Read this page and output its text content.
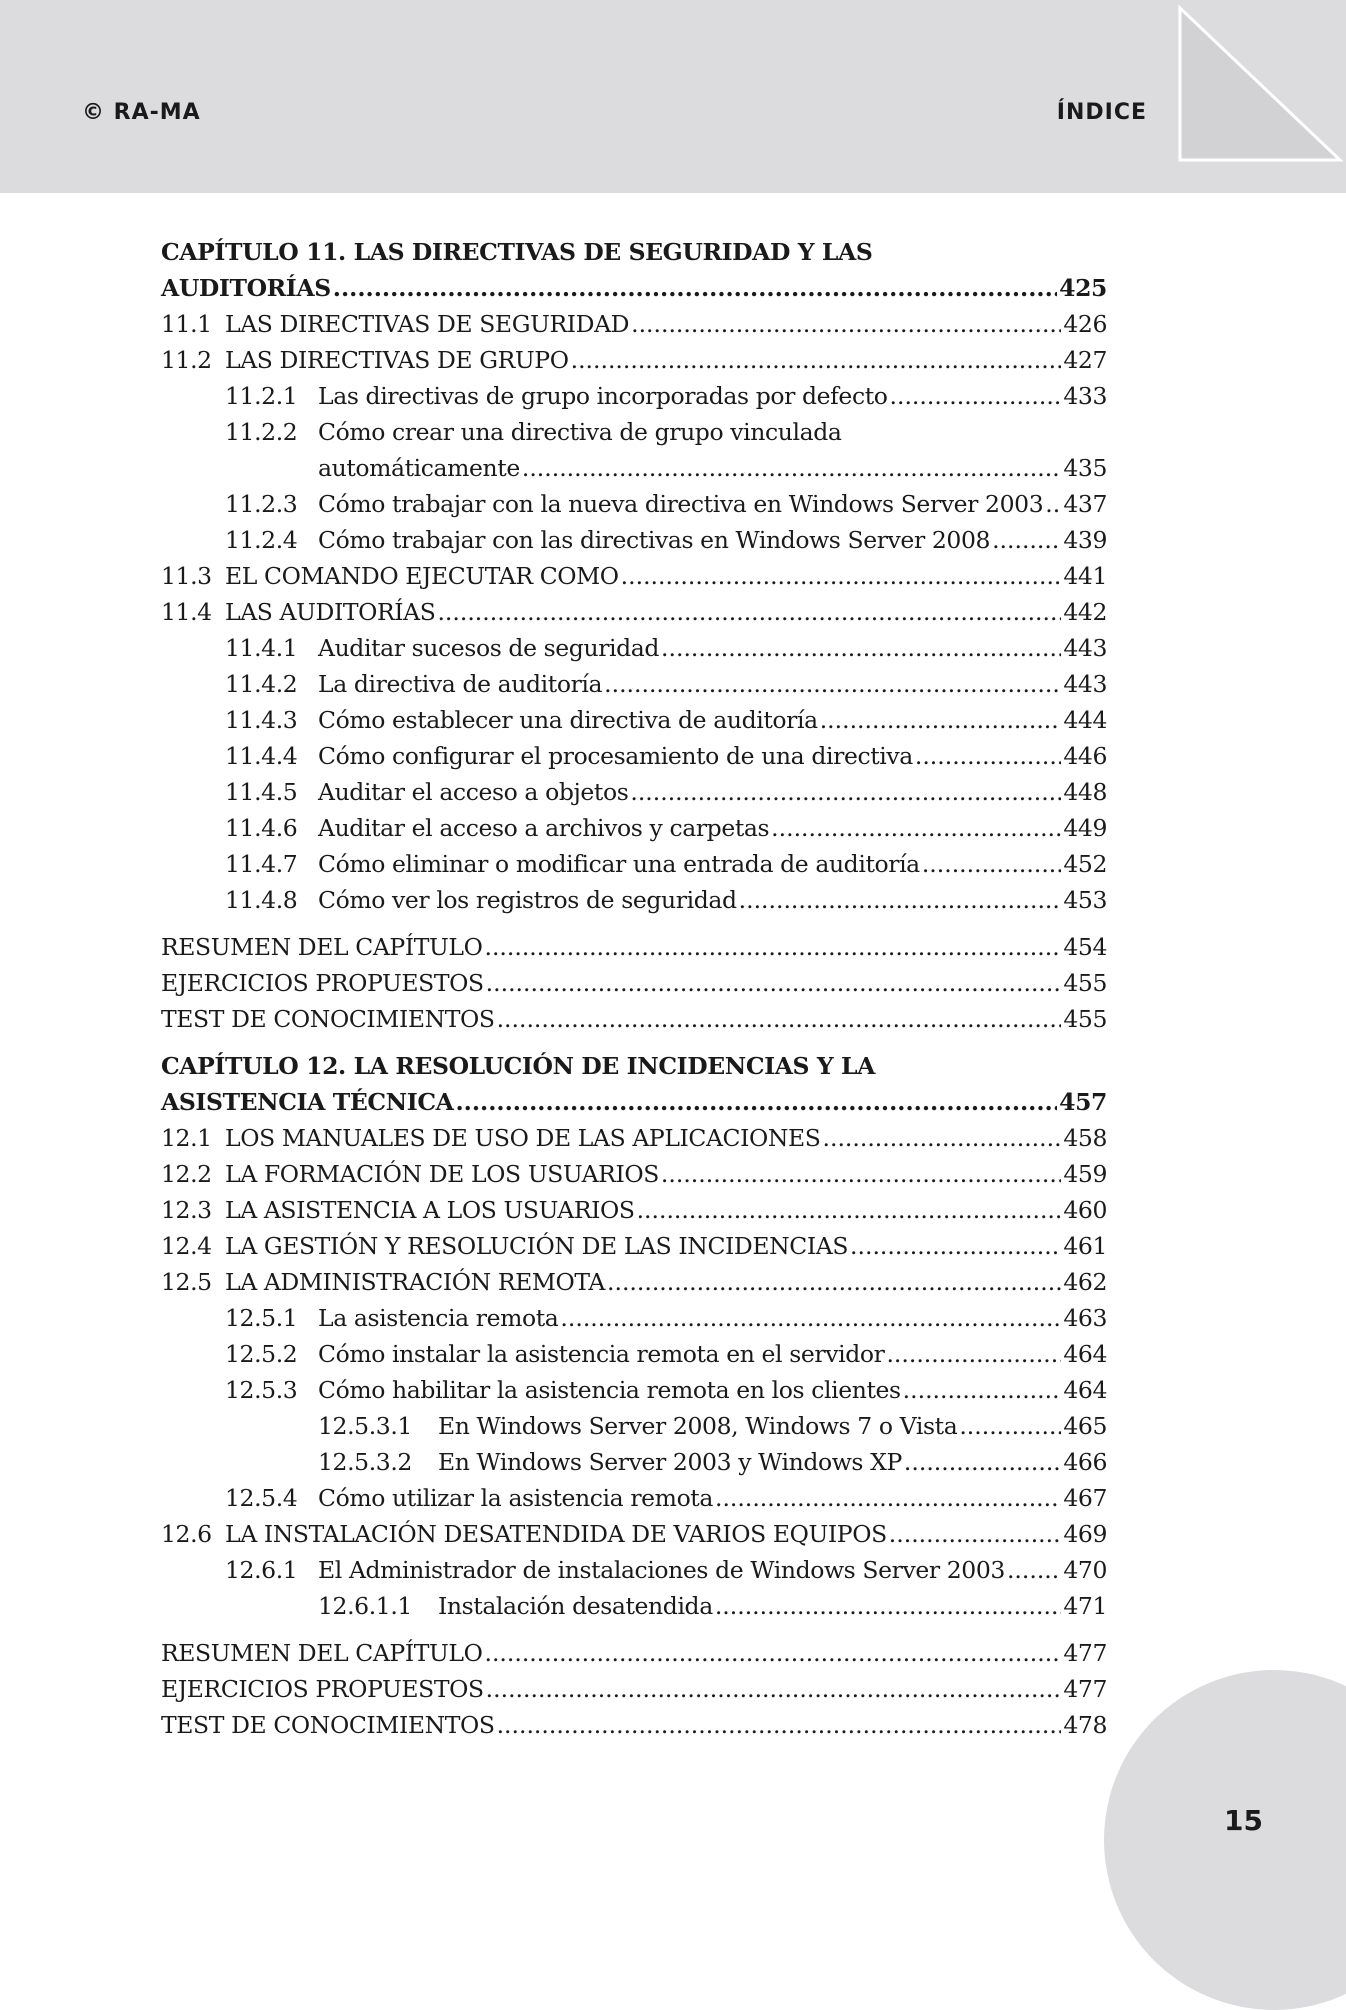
© RA-MA	ÍNDICE
CAPÍTULO 11. LAS DIRECTIVAS DE SEGURIDAD Y LAS
AUDITORÍAS .....	425
11.1 LAS DIRECTIVAS DE SEGURIDAD .....	426
11.2 LAS DIRECTIVAS DE GRUPO .....	427
11.2.1 Las directivas de grupo incorporadas por defecto .....	433
11.2.2 Cómo crear una directiva de grupo vinculada
automáticamente .....	435
11.2.3 Cómo trabajar con la nueva directiva en Windows Server 2003 ..... 437
11.2.4 Cómo trabajar con las directivas en Windows Server 2008 .....	439
11.3 EL COMANDO EJECUTAR COMO .....	441
11.4 LAS AUDITORÍAS .....	442
11.4.1 Auditar sucesos de seguridad .....	443
11.4.2 La directiva de auditoría .....	443
11.4.3 Cómo establecer una directiva de auditoría .....	444
11.4.4 Cómo configurar el procesamiento de una directiva .....	446
11.4.5 Auditar el acceso a objetos .....	448
11.4.6 Auditar el acceso a archivos y carpetas .....	449
11.4.7 Cómo eliminar o modificar una entrada de auditoría .....	452
11.4.8 Cómo ver los registros de seguridad .....	453
RESUMEN DEL CAPÍTULO .....	454
EJERCICIOS PROPUESTOS .....	455
TEST DE CONOCIMIENTOS .....	455
CAPÍTULO 12. LA RESOLUCIÓN DE INCIDENCIAS Y LA
ASISTENCIA TÉCNICA .....	457
12.1 LOS MANUALES DE USO DE LAS APLICACIONES .....	458
12.2 LA FORMACIÓN DE LOS USUARIOS .....	459
12.3 LA ASISTENCIA A LOS USUARIOS .....	460
12.4 LA GESTIÓN Y RESOLUCIÓN DE LAS INCIDENCIAS .....	461
12.5 LA ADMINISTRACIÓN REMOTA .....	462
12.5.1 La asistencia remota .....	463
12.5.2 Cómo instalar la asistencia remota en el servidor .....	464
12.5.3 Cómo habilitar la asistencia remota en los clientes .....	464
12.5.3.1	En Windows Server 2008, Windows 7 o Vista .....	465
12.5.3.2	En Windows Server 2003 y Windows XP .....	466
12.5.4 Cómo utilizar la asistencia remota .....	467
12.6 LA INSTALACIÓN DESATENDIDA DE VARIOS EQUIPOS .....	469
12.6.1 El Administrador de instalaciones de Windows Server 2003 ..... 470
12.6.1.1	Instalación desatendida .....	471
RESUMEN DEL CAPÍTULO .....	477
EJERCICIOS PROPUESTOS .....	477
TEST DE CONOCIMIENTOS .....	478
15
